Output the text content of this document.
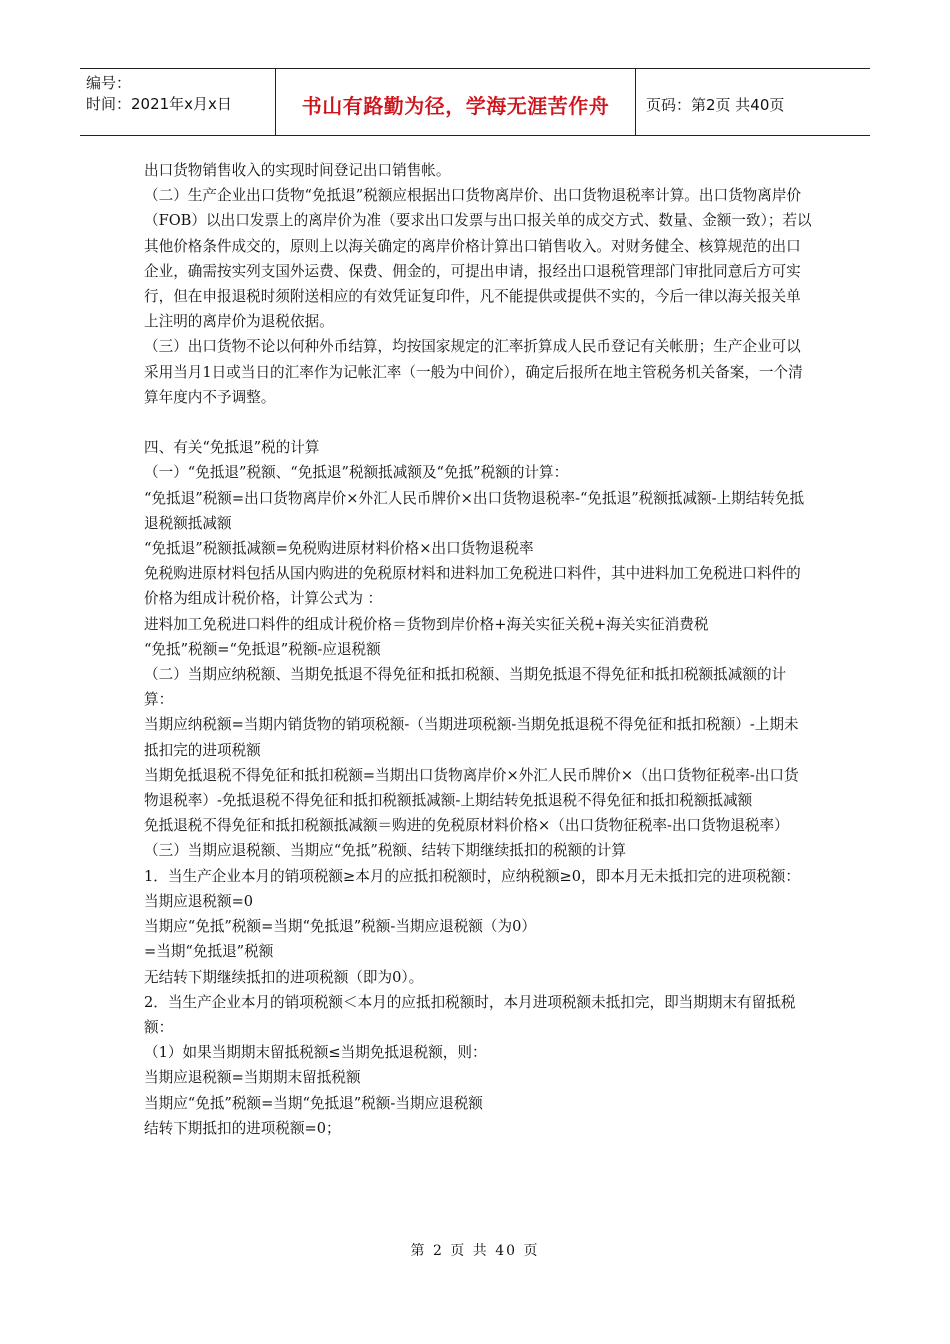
编号：
时间：2021年x月x日	书山有路勤为径，学海无涯苦作舟	页码：第2页 共40页

出口货物销售收入的实现时间登记出口销售帐。

（二）生产企业出口货物“免抵退”税额应根据出口货物离岸价、出口货物退税率计算。出口货物离岸价（FOB）以出口发票上的离岸价为准（要求出口发票与出口报关单的成交方式、数量、金额一致）；若以其他价格条件成交的，原则上以海关确定的离岸价格计算出口销售收入。对财务健全、核算规范的出口企业，确需按实列支国外运费、保费、佣金的，可提出申请，报经出口退税管理部门审批同意后方可实行，但在申报退税时须附送相应的有效凭证复印件，凡不能提供或提供不实的，今后一律以海关报关单上注明的离岸价为退税依据。

（三）出口货物不论以何种外币结算，均按国家规定的汇率折算成人民币登记有关帐册；生产企业可以采用当月1日或当日的汇率作为记帐汇率（一般为中间价），确定后报所在地主管税务机关备案，一个清算年度内不予调整。

四、有关“免抵退”税的计算

（一）“免抵退”税额、“免抵退”税额抵减额及“免抵”税额的计算：

“免抵退”税额=出口货物离岸价×外汇人民币牌价×出口货物退税率-“免抵退”税额抵减额-上期结转免抵退税额抵减额

“免抵退”税额抵减额=免税购进原材料价格×出口货物退税率

免税购进原材料包括从国内购进的免税原材料和进料加工免税进口料件，其中进料加工免税进口料件的价格为组成计税价格，计算公式为 ：

进料加工免税进口料件的组成计税价格＝货物到岸价格+海关实征关税+海关实征消费税

“免抵”税额=“免抵退”税额-应退税额

（二）当期应纳税额、当期免抵退不得免征和抵扣税额、当期免抵退不得免征和抵扣税额抵减额的计算：

当期应纳税额=当期内销货物的销项税额-（当期进项税额-当期免抵退税不得免征和抵扣税额）-上期未抵扣完的进项税额

当期免抵退税不得免征和抵扣税额=当期出口货物离岸价×外汇人民币牌价×（出口货物征税率-出口货物退税率）-免抵退税不得免征和抵扣税额抵减额-上期结转免抵退税不得免征和抵扣税额抵减额

免抵退税不得免征和抵扣税额抵减额＝购进的免税原材料价格×（出口货物征税率-出口货物退税率）

（三）当期应退税额、当期应“免抵”税额、结转下期继续抵扣的税额的计算

1．当生产企业本月的销项税额≥本月的应抵扣税额时，应纳税额≥0，即本月无未抵扣完的进项税额：

当期应退税额=0

当期应“免抵”税额=当期“免抵退”税额-当期应退税额（为0）

=当期“免抵退”税额

无结转下期继续抵扣的进项税额（即为0）。

2．当生产企业本月的销项税额＜本月的应抵扣税额时，本月进项税额未抵扣完，即当期期末有留抵税额：

（1）如果当期期末留抵税额≤当期免抵退税额，则：

当期应退税额=当期期末留抵税额

当期应“免抵”税额=当期“免抵退”税额-当期应退税额

结转下期抵扣的进项税额=0；

第 2 页 共 40 页
